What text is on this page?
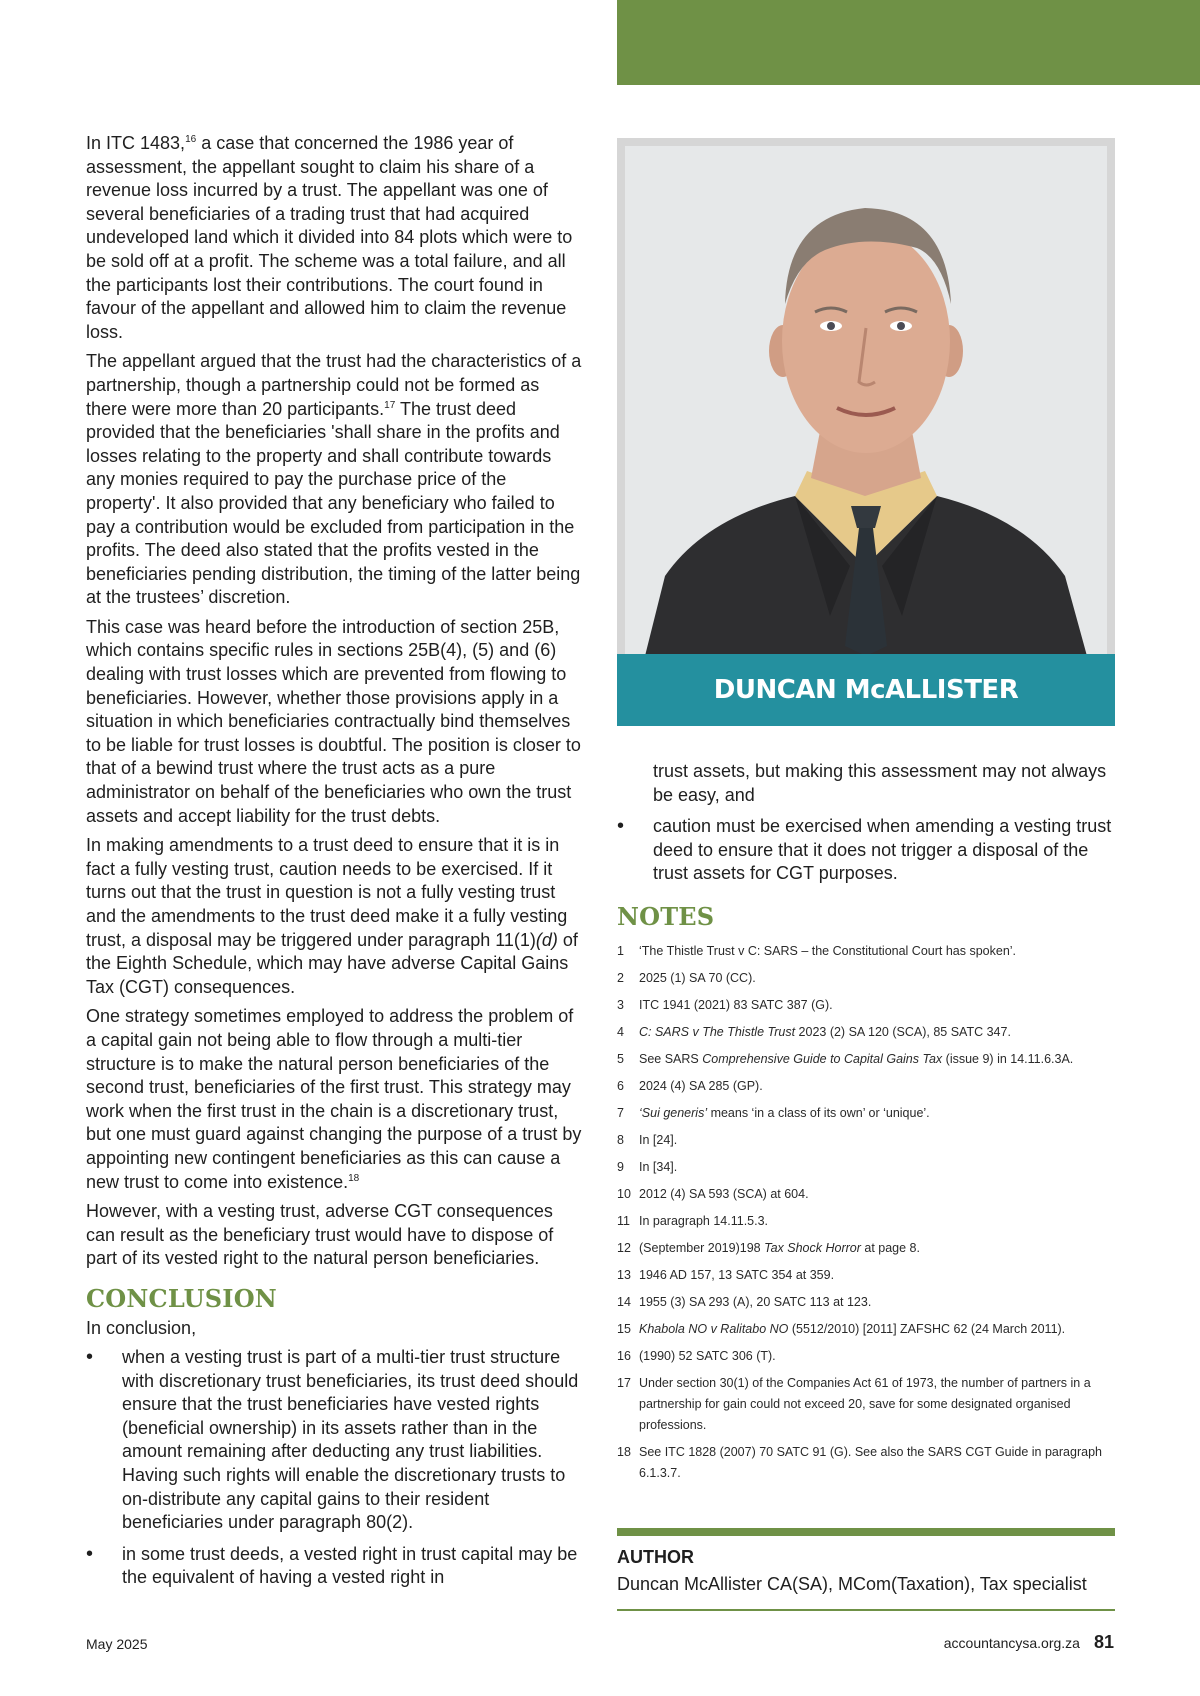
In ITC 1483,16 a case that concerned the 1986 year of assessment, the appellant sought to claim his share of a revenue loss incurred by a trust. The appellant was one of several beneficiaries of a trading trust that had acquired undeveloped land which it divided into 84 plots which were to be sold off at a profit. The scheme was a total failure, and all the participants lost their contributions. The court found in favour of the appellant and allowed him to claim the revenue loss.

The appellant argued that the trust had the characteristics of a partnership, though a partnership could not be formed as there were more than 20 participants.$^{17}$ The trust deed provided that the beneficiaries 'shall share in the profits and losses relating to the property and shall contribute towards any monies required to pay the purchase price of the property'. It also provided that any beneficiary who failed to pay a contribution would be excluded from participation in the profits. The deed also stated that the profits vested in the beneficiaries pending distribution, the timing of the latter being at the trustees’ discretion.

This case was heard before the introduction of section 25B, which contains specific rules in sections 25B(4), (5) and (6) dealing with trust losses which are prevented from flowing to beneficiaries. However, whether those provisions apply in a situation in which beneficiaries contractually bind themselves to be liable for trust losses is doubtful. The position is closer to that of a bewind trust where the trust acts as a pure administrator on behalf of the beneficiaries who own the trust assets and accept liability for the trust debts.

In making amendments to a trust deed to ensure that it is in fact a fully vesting trust, caution needs to be exercised. If it turns out that the trust in question is not a fully vesting trust and the amendments to the trust deed make it a fully vesting trust, a disposal may be triggered under paragraph 11(1)(d) of the Eighth Schedule, which may have adverse Capital Gains Tax (CGT) consequences.

One strategy sometimes employed to address the problem of a capital gain not being able to flow through a multi-tier structure is to make the natural person beneficiaries of the second trust, beneficiaries of the first trust. This strategy may work when the first trust in the chain is a discretionary trust, but one must guard against changing the purpose of a trust by appointing new contingent beneficiaries as this can cause a new trust to come into existence.$^{18}$

However, with a vesting trust, adverse CGT consequences can result as the beneficiary trust would have to dispose of part of its vested right to the natural person beneficiaries.

CONCLUSION

In conclusion,

• when a vesting trust is part of a multi-tier trust structure with discretionary trust beneficiaries, its trust deed should ensure that the trust beneficiaries have vested rights (beneficial ownership) in its assets rather than in the amount remaining after deducting any trust liabilities. Having such rights will enable the discretionary trusts to on-distribute any capital gains to their resident beneficiaries under paragraph 80(2).
• in some trust deeds, a vested right in trust capital may be the equivalent of having a vested right in
DUNCAN McALLISTER

trust assets, but making this assessment may not always be easy, and

• caution must be exercised when amending a vesting trust deed to ensure that it does not trigger a disposal of the trust assets for CGT purposes.
NOTES
1	‘The Thistle Trust v C: SARS – the Constitutional Court has spoken’.
2	2025 (1) SA 70 (CC).
3	ITC 1941 (2021) 83 SATC 387 (G).
4	C: SARS v The Thistle Trust 2023 (2) SA 120 (SCA), 85 SATC 347.
5	See SARS Comprehensive Guide to Capital Gains Tax (issue 9) in 14.11.6.3A.
6	2024 (4) SA 285 (GP).
7	‘Sui generis’ means ‘in a class of its own’ or ‘unique’.
8	In [24].
9	In [34].
10 2012 (4) SA 593 (SCA) at 604.
11 In paragraph 14.11.5.3.
12 (September 2019)198 Tax Shock Horror at page 8.
13 1946 AD 157, 13 SATC 354 at 359.
14 1955 (3) SA 293 (A), 20 SATC 113 at 123.
15 Khabola NO v Ralitabo NO (5512/2010) [2011] ZAFSHC 62 (24 March 2011).
16 (1990) 52 SATC 306 (T).
17 Under section 30(1) of the Companies Act 61 of 1973, the number of partners in a partnership for gain could not exceed 20, save for some designated organised professions.
18 See ITC 1828 (2007) 70 SATC 91 (G). See also the SARS CGT Guide in paragraph 6.1.3.7.
AUTHOR
Duncan McAllister CA(SA), MCom(Taxation), Tax specialist
May 2025	accountancysa.org.za 81
